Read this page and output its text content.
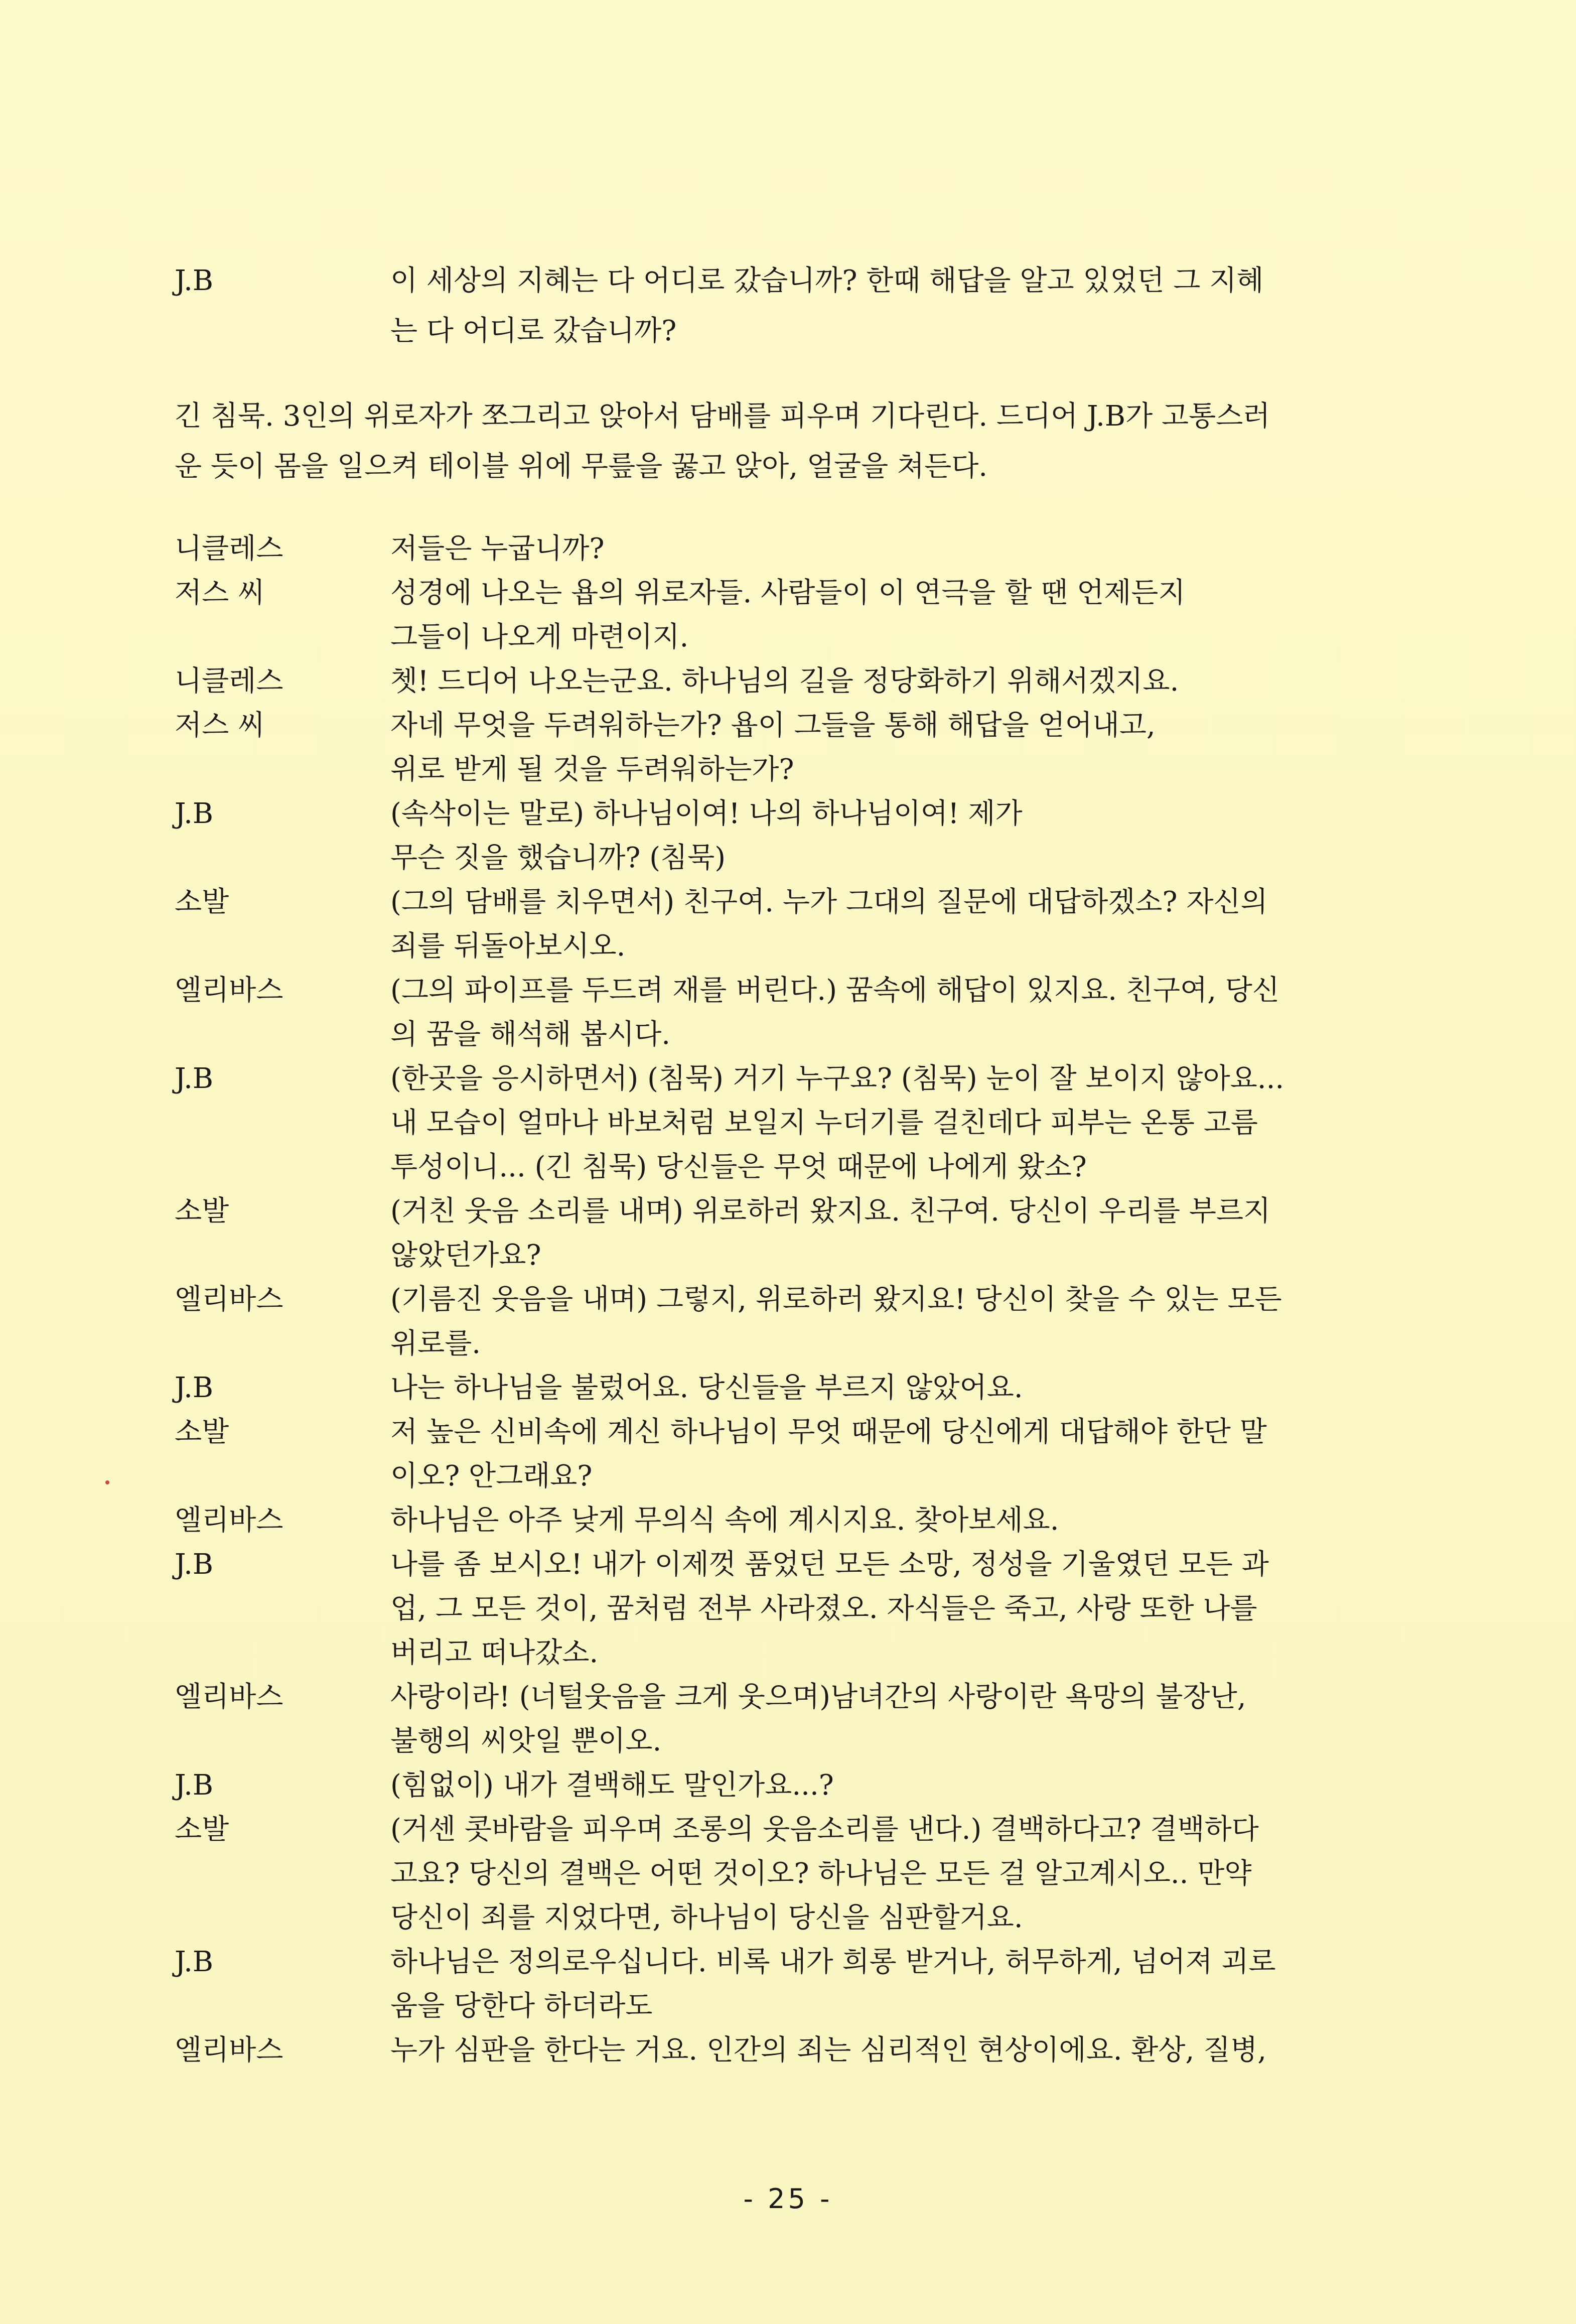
J.B	이 세상의 지혜는 다 어디로 갔습니까? 한때 해답을 알고 있었던 그 지혜
는 다 어디로 갔습니까?
긴 침묵. 3인의 위로자가 쪼그리고 앉아서 담배를 피우며 기다린다. 드디어 J.B가 고통스러
운 듯이 몸을 일으켜 테이블 위에 무릎을 꿇고 앉아, 얼굴을 쳐든다.
니클레스	저들은 누굽니까?
저스 씨	성경에 나오는 욥의 위로자들. 사람들이 이 연극을 할 땐 언제든지
그들이 나오게 마련이지.
니클레스	쳇! 드디어 나오는군요. 하나님의 길을 정당화하기 위해서겠지요.
저스 씨	자네 무엇을 두려워하는가? 욥이 그들을 통해 해답을 얻어내고,
위로 받게 될 것을 두려워하는가?
J.B	(속삭이는 말로) 하나님이여! 나의 하나님이여! 제가
무슨 짓을 했습니까? (침묵)
소발	(그의 담배를 치우면서) 친구여. 누가 그대의 질문에 대답하겠소? 자신의
죄를 뒤돌아보시오.
엘리바스	(그의 파이프를 두드려 재를 버린다.) 꿈속에 해답이 있지요. 친구여, 당신
의 꿈을 해석해 봅시다.
J.B	(한곳을 응시하면서) (침묵) 거기 누구요? (침묵) 눈이 잘 보이지 않아요...
내 모습이 얼마나 바보처럼 보일지 누더기를 걸친데다 피부는 온통 고름
투성이니... (긴 침묵) 당신들은 무엇 때문에 나에게 왔소?
소발	(거친 웃음 소리를 내며) 위로하러 왔지요. 친구여. 당신이 우리를 부르지
않았던가요?
엘리바스	(기름진 웃음을 내며) 그렇지, 위로하러 왔지요! 당신이 찾을 수 있는 모든
위로를.
J.B	나는 하나님을 불렀어요. 당신들을 부르지 않았어요.
소발	저 높은 신비속에 계신 하나님이 무엇 때문에 당신에게 대답해야 한단 말
이오? 안그래요?
엘리바스	하나님은 아주 낮게 무의식 속에 계시지요. 찾아보세요.
J.B	나를 좀 보시오! 내가 이제껏 품었던 모든 소망, 정성을 기울였던 모든 과
업, 그 모든 것이, 꿈처럼 전부 사라졌오. 자식들은 죽고, 사랑 또한 나를
버리고 떠나갔소.
엘리바스	사랑이라! (너털웃음을 크게 웃으며)남녀간의 사랑이란 욕망의 불장난,
불행의 씨앗일 뿐이오.
J.B	(힘없이) 내가 결백해도 말인가요...?
소발	(거센 콧바람을 피우며 조롱의 웃음소리를 낸다.) 결백하다고? 결백하다
고요? 당신의 결백은 어떤 것이오? 하나님은 모든 걸 알고계시오.. 만약
당신이 죄를 지었다면, 하나님이 당신을 심판할거요.
J.B	하나님은 정의로우십니다. 비록 내가 희롱 받거나, 허무하게, 넘어져 괴로
움을 당한다 하더라도
엘리바스	누가 심판을 한다는 거요. 인간의 죄는 심리적인 현상이에요. 환상, 질병,
- 25 -
